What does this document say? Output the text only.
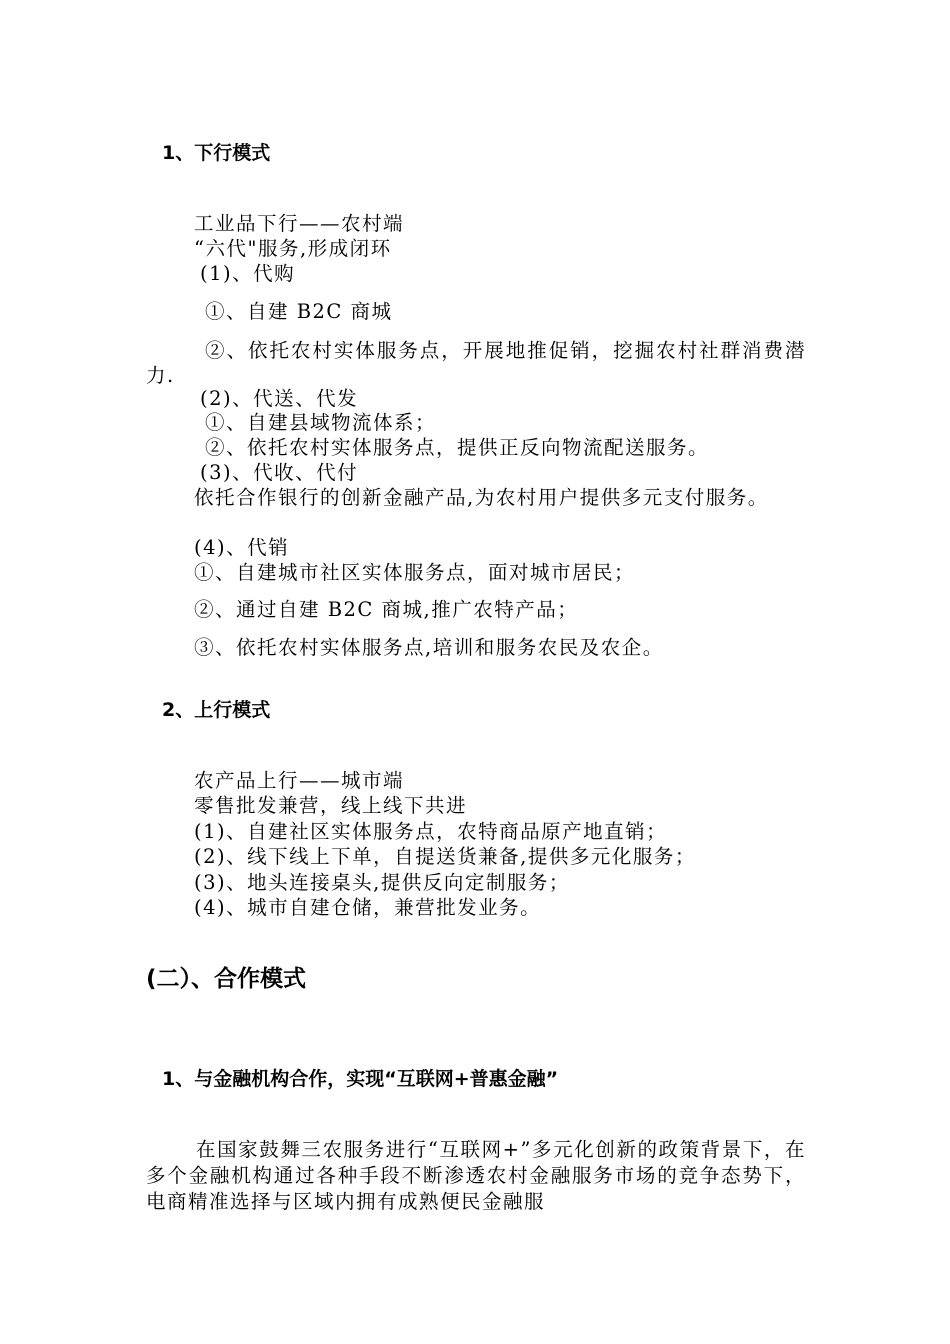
1、下行模式
工业品下行——农村端
“六代"服务,形成闭环
(1)、代购
①、自建 B2C 商城
②、依托农村实体服务点，开展地推促销，挖掘农村社群消费潜力.
(2)、代送、代发
①、自建县域物流体系；
②、依托农村实体服务点，提供正反向物流配送服务。
(3)、代收、代付
依托合作银行的创新金融产品,为农村用户提供多元支付服务。
(4)、代销
①、自建城市社区实体服务点，面对城市居民；
②、通过自建 B2C 商城,推广农特产品；
③、依托农村实体服务点,培训和服务农民及农企。
2、上行模式
农产品上行——城市端
零售批发兼营，线上线下共进
(1)、自建社区实体服务点，农特商品原产地直销；
(2)、线下线上下单，自提送货兼备,提供多元化服务；
(3)、地头连接桌头,提供反向定制服务；
(4)、城市自建仓储，兼营批发业务。
(二）、合作模式
1、与金融机构合作，实现“互联网+普惠金融”
在国家鼓舞三农服务进行“互联网+”多元化创新的政策背景下，在多个金融机构通过各种手段不断渗透农村金融服务市场的竞争态势下，电商精准选择与区域内拥有成熟便民金融服
